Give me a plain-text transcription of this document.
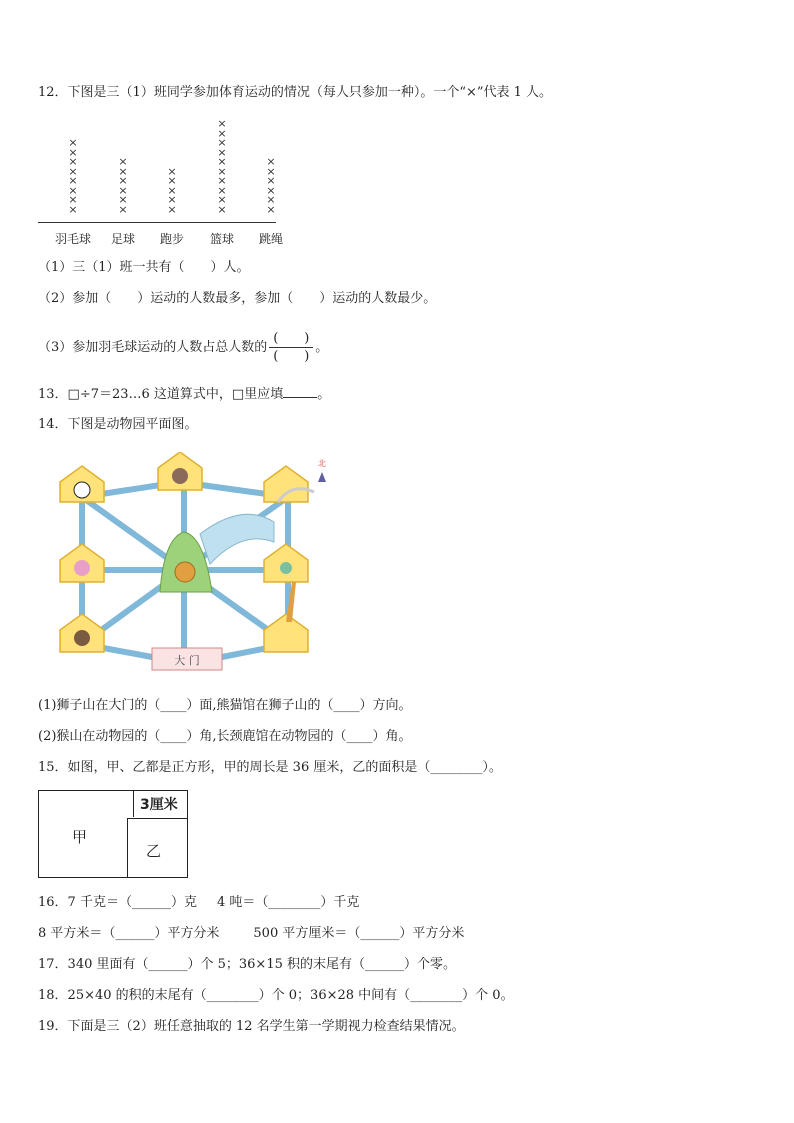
12．下图是三（1）班同学参加体育运动的情况（每人只参加一种）。一个“×”代表 1 人。
×
×
×
×
×
×
×
×
×
×
×
×
×
×
×
×
×
×
×
×
×
×
×
×
×
×
×
×
×
×
×
×
×
×
×
羽毛球	足球	跑步	篮球	跳绳
（1）三（1）班一共有（　　）人。
（2）参加（　　）运动的人数最多，参加（　　）运动的人数最少。
（3）参加羽毛球运动的人数占总人数的 $\frac{( )}{( )}$ 。
13．□÷7＝23…6 这道算式中，□里应填	。
14．下图是动物园平面图。
大 门
北
(1)狮子山在大门的（____）面,熊猫馆在狮子山的（____）方向。
(2)猴山在动物园的（____）角,长颈鹿馆在动物园的（____）角。
15．如图，甲、乙都是正方形，甲的周长是 36 厘米，乙的面积是（________）。
甲
乙
3厘米
16．7 千克＝（______）克 4 吨＝（________）千克
8 平方米＝（______）平方分米	500 平方厘米＝（______）平方分米
17．340 里面有（______）个 5；36×15 积的末尾有（______）个零。
18．25×40 的积的末尾有（________）个 0；36×28 中间有（________）个 0。
19．下面是三（2）班任意抽取的 12 名学生第一学期视力检查结果情况。
